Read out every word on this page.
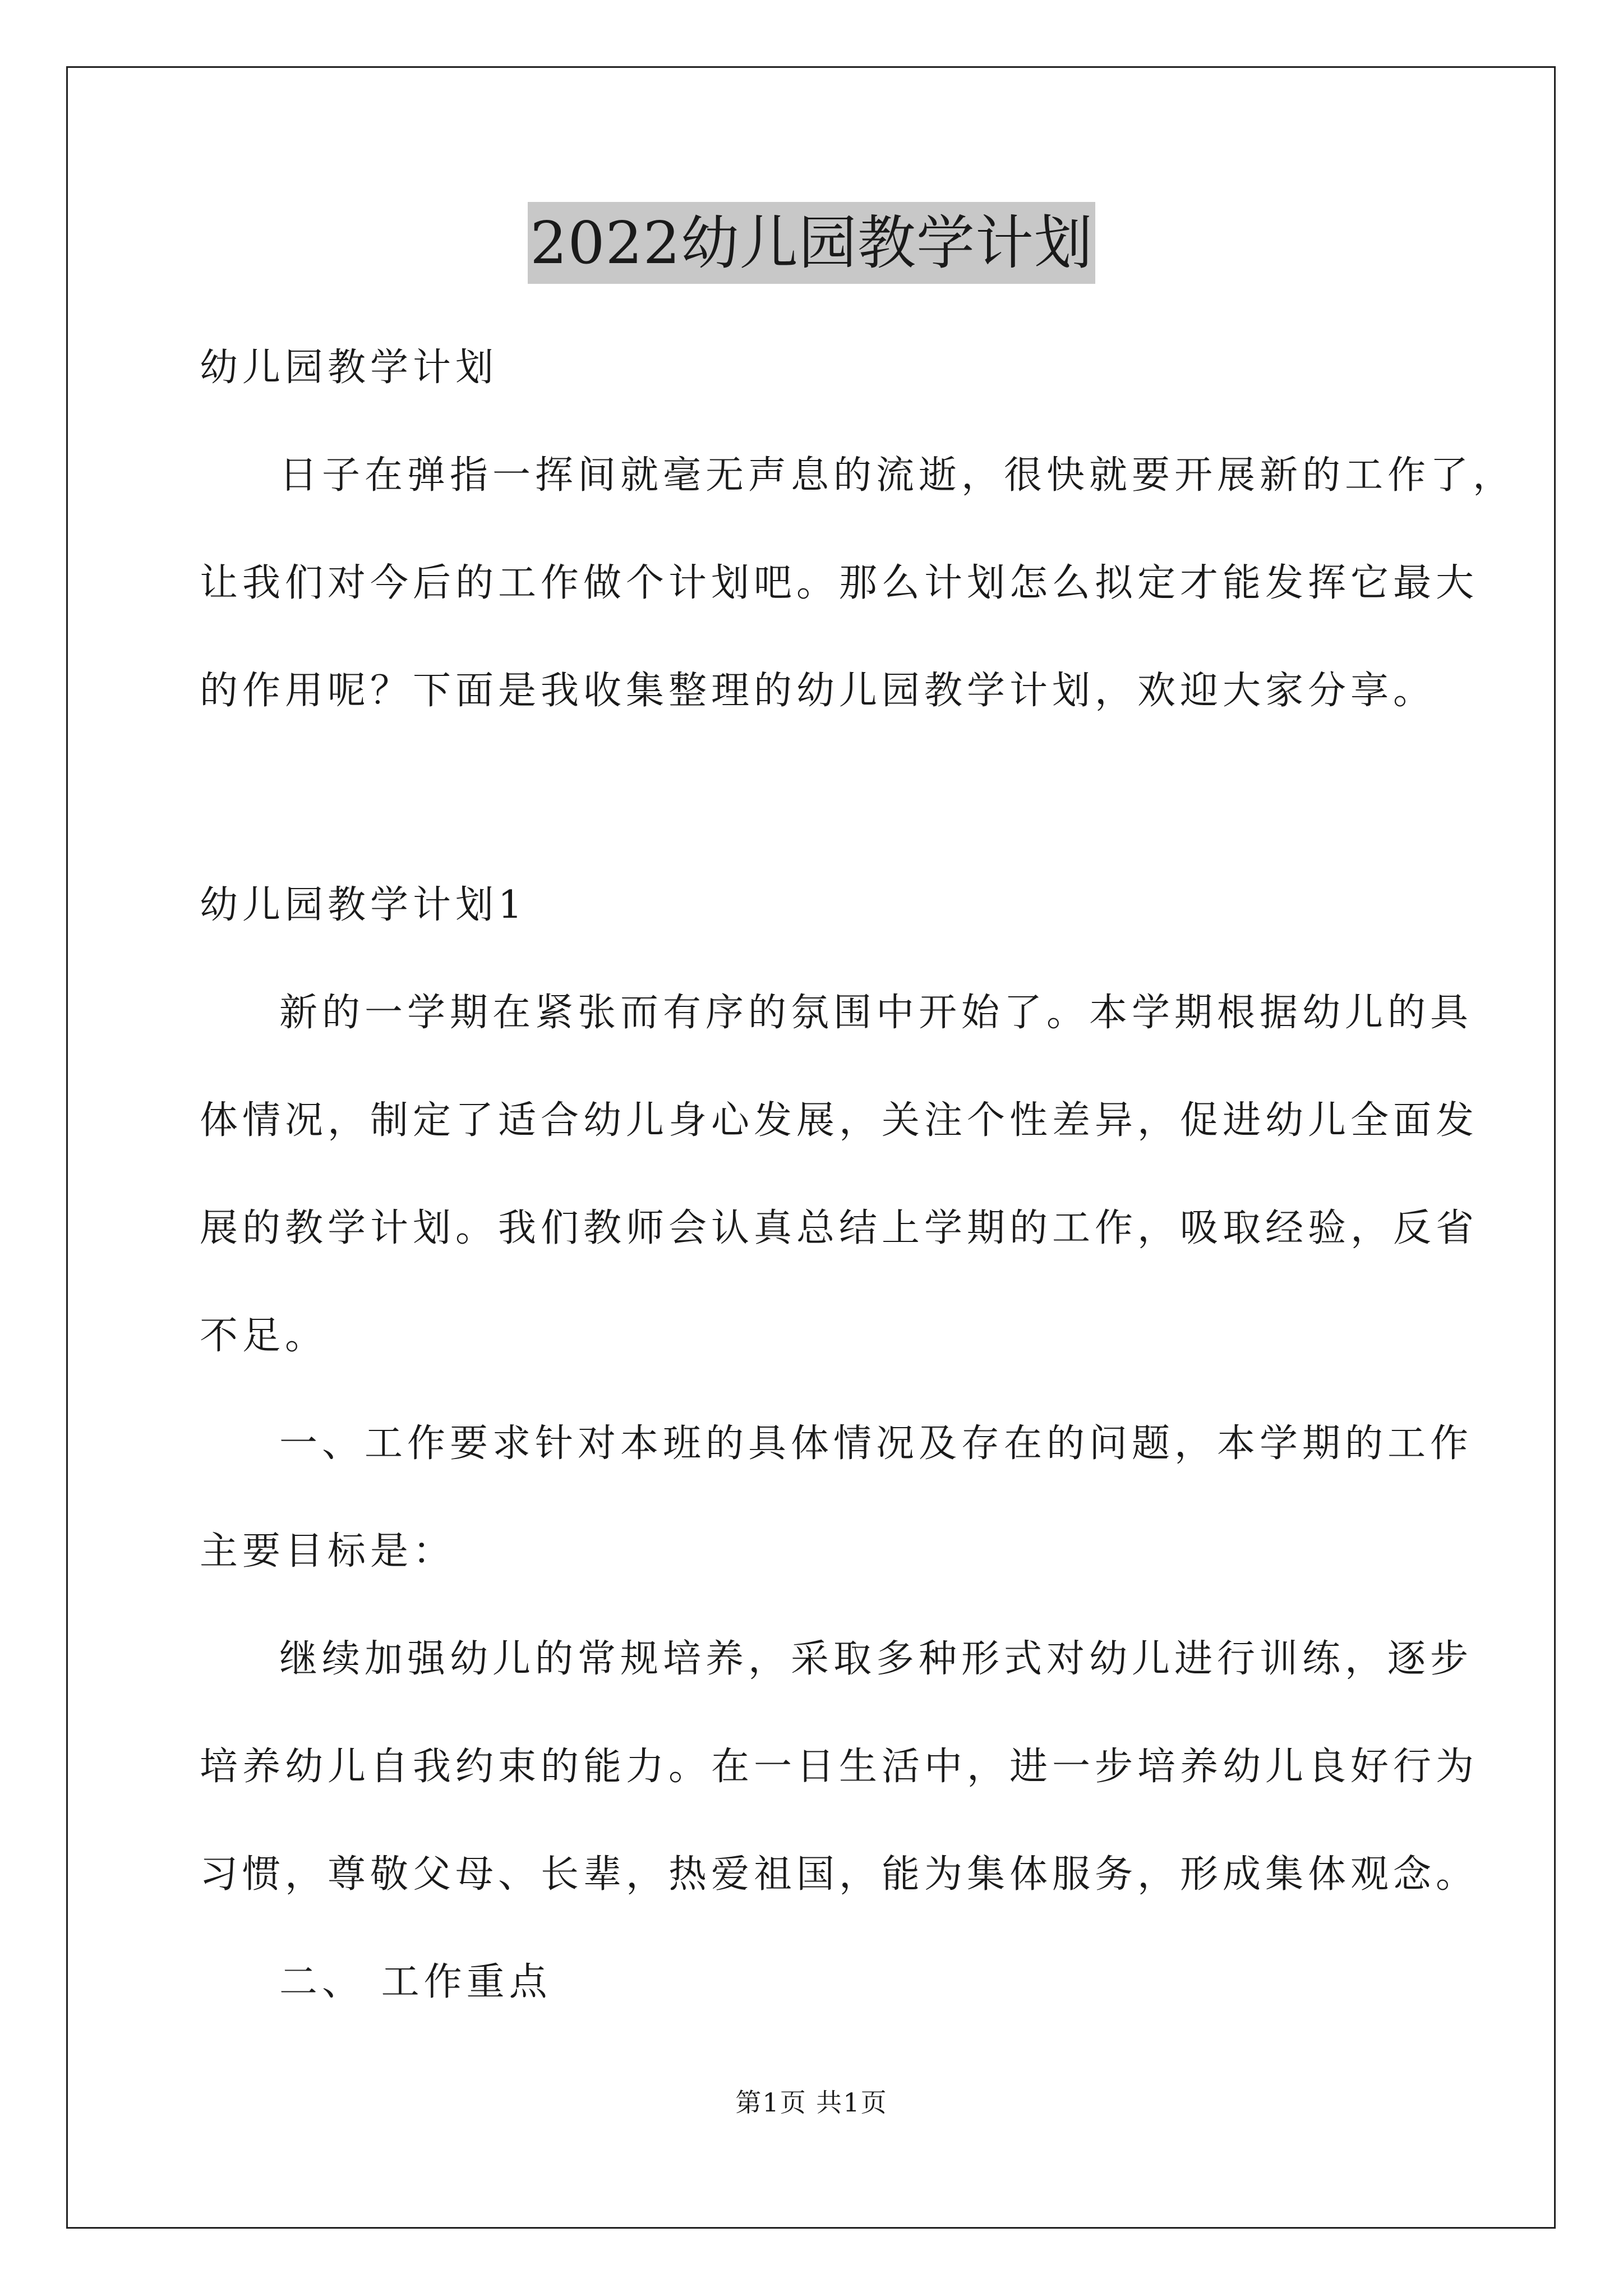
2022幼儿园教学计划

幼儿园教学计划

日子在弹指一挥间就毫无声息的流逝，很快就要开展新的工作了，

让我们对今后的工作做个计划吧。那么计划怎么拟定才能发挥它最大

的作用呢？下面是我收集整理的幼儿园教学计划，欢迎大家分享。

幼儿园教学计划1

新的一学期在紧张而有序的氛围中开始了。本学期根据幼儿的具

体情况，制定了适合幼儿身心发展，关注个性差异，促进幼儿全面发

展的教学计划。我们教师会认真总结上学期的工作，吸取经验，反省

不足。

一、工作要求针对本班的具体情况及存在的问题，本学期的工作

主要目标是：

继续加强幼儿的常规培养，采取多种形式对幼儿进行训练，逐步

培养幼儿自我约束的能力。在一日生活中，进一步培养幼儿良好行为

习惯，尊敬父母、长辈，热爱祖国，能为集体服务，形成集体观念。

二、 工作重点

第1页 共1页
